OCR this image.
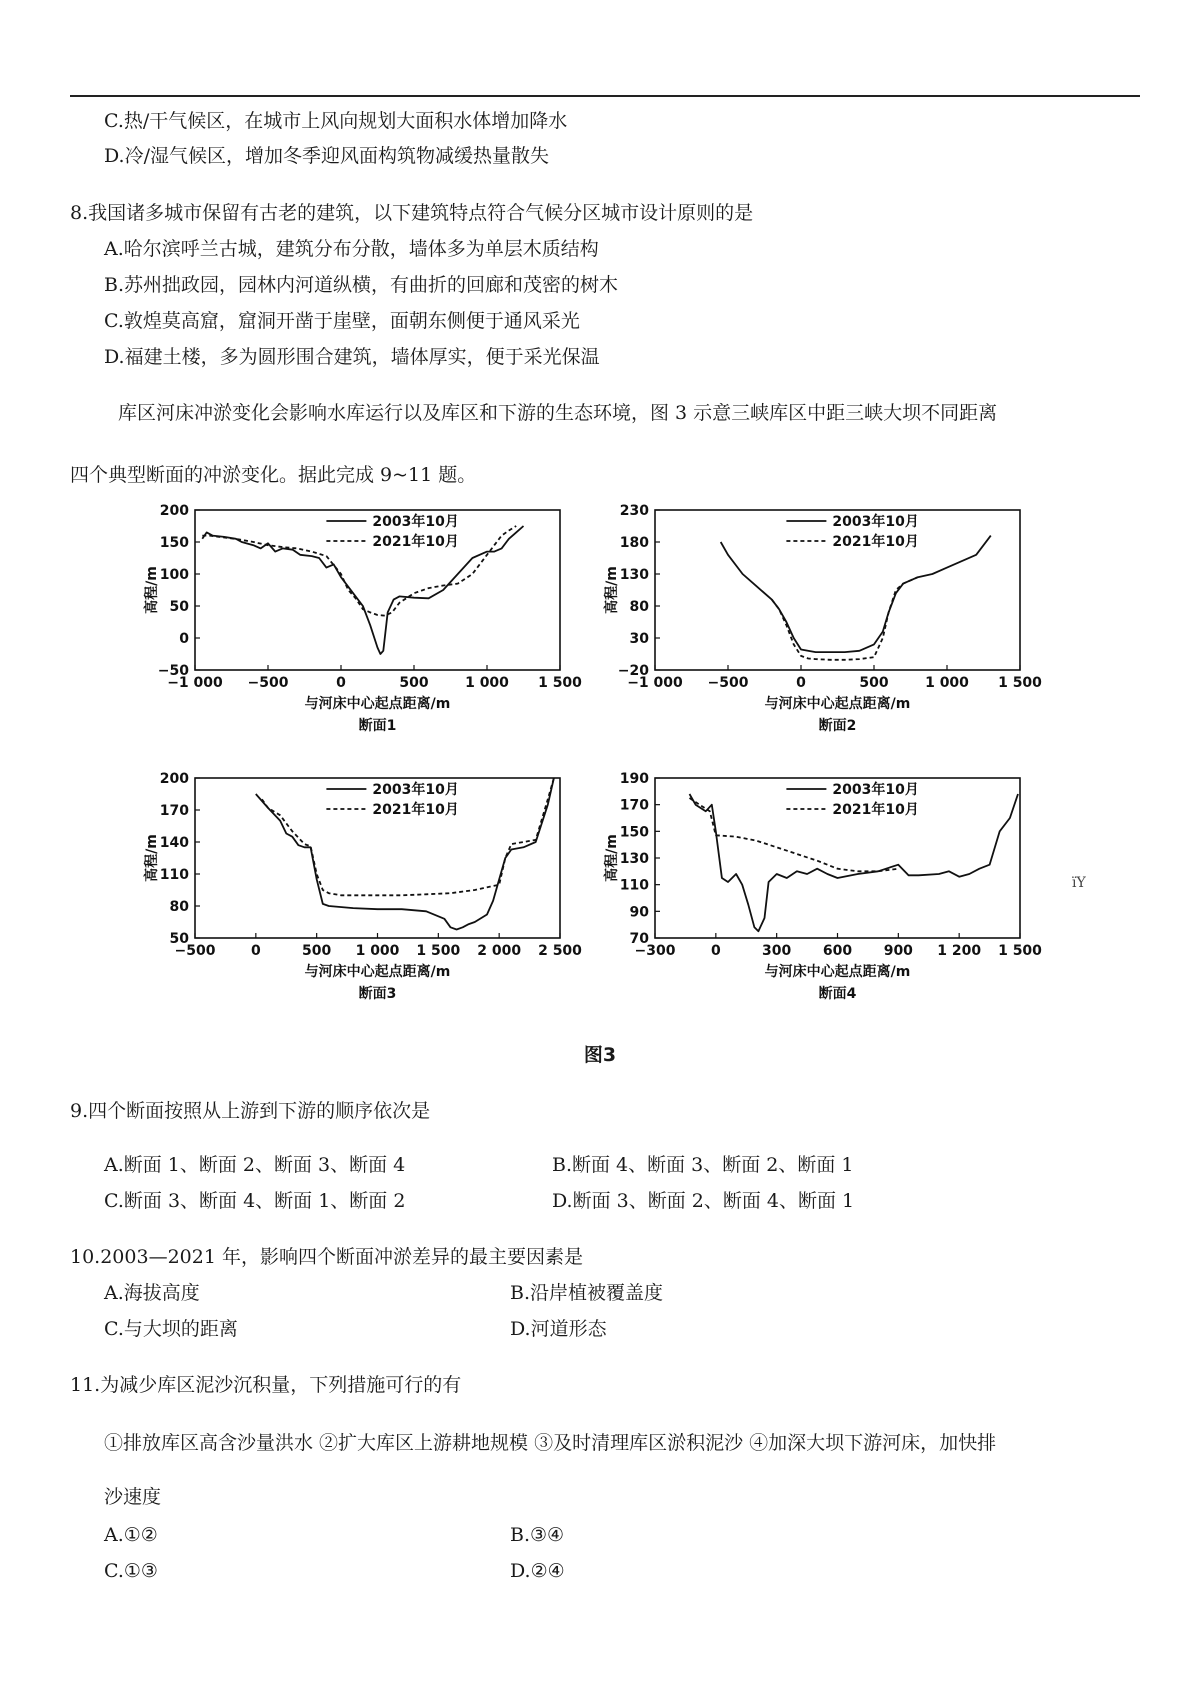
C.热/干气候区，在城市上风向规划大面积水体增加降水
D.冷/湿气候区，增加冬季迎风面构筑物减缓热量散失
8.我国诸多城市保留有古老的建筑，以下建筑特点符合气候分区城市设计原则的是
A.哈尔滨呼兰古城，建筑分布分散，墙体多为单层木质结构
B.苏州拙政园，园林内河道纵横，有曲折的回廊和茂密的树木
C.敦煌莫高窟，窟洞开凿于崖壁，面朝东侧便于通风采光
D.福建土楼，多为圆形围合建筑，墙体厚实，便于采光保温
库区河床冲淤变化会影响水库运行以及库区和下游的生态环境，图 3 示意三峡库区中距三峡大坝不同距离
四个典型断面的冲淤变化。据此完成 9~11 题。
−1 000 −500	0	500	1 000 1 500
−50
0
50
100
150
200
与河床中心起点距离/m
高程/m
断面1
2003年10月
2021年10月
−1 000 −500	0	500	1 000 1 500
−20
30
80
130
180
230
与河床中心起点距离/m
高程/m
断面2
2003年10月
2021年10月
−500	0	500 1 000 1 500 2 000 2 500
50
80
110
140
170
200
与河床中心起点距离/m
高程/m
断面3
2003年10月
2021年10月
−300	0	300 600 900 1 200 1 500
70
90
110
130
150
170
190
与河床中心起点距离/m
高程/m
断面4
2003年10月
2021年10月
ïY
图3
9.四个断面按照从上游到下游的顺序依次是
A.断面 1、断面 2、断面 3、断面 4	B.断面 4、断面 3、断面 2、断面 1
C.断面 3、断面 4、断面 1、断面 2	D.断面 3、断面 2、断面 4、断面 1
10.2003—2021 年，影响四个断面冲淤差异的最主要因素是
A.海拔高度	B.沿岸植被覆盖度
C.与大坝的距离	D.河道形态
11.为减少库区泥沙沉积量，下列措施可行的有
①排放库区高含沙量洪水 ②扩大库区上游耕地规模 ③及时清理库区淤积泥沙 ④加深大坝下游河床，加快排
沙速度
A.①②	B.③④
C.①③	D.②④
